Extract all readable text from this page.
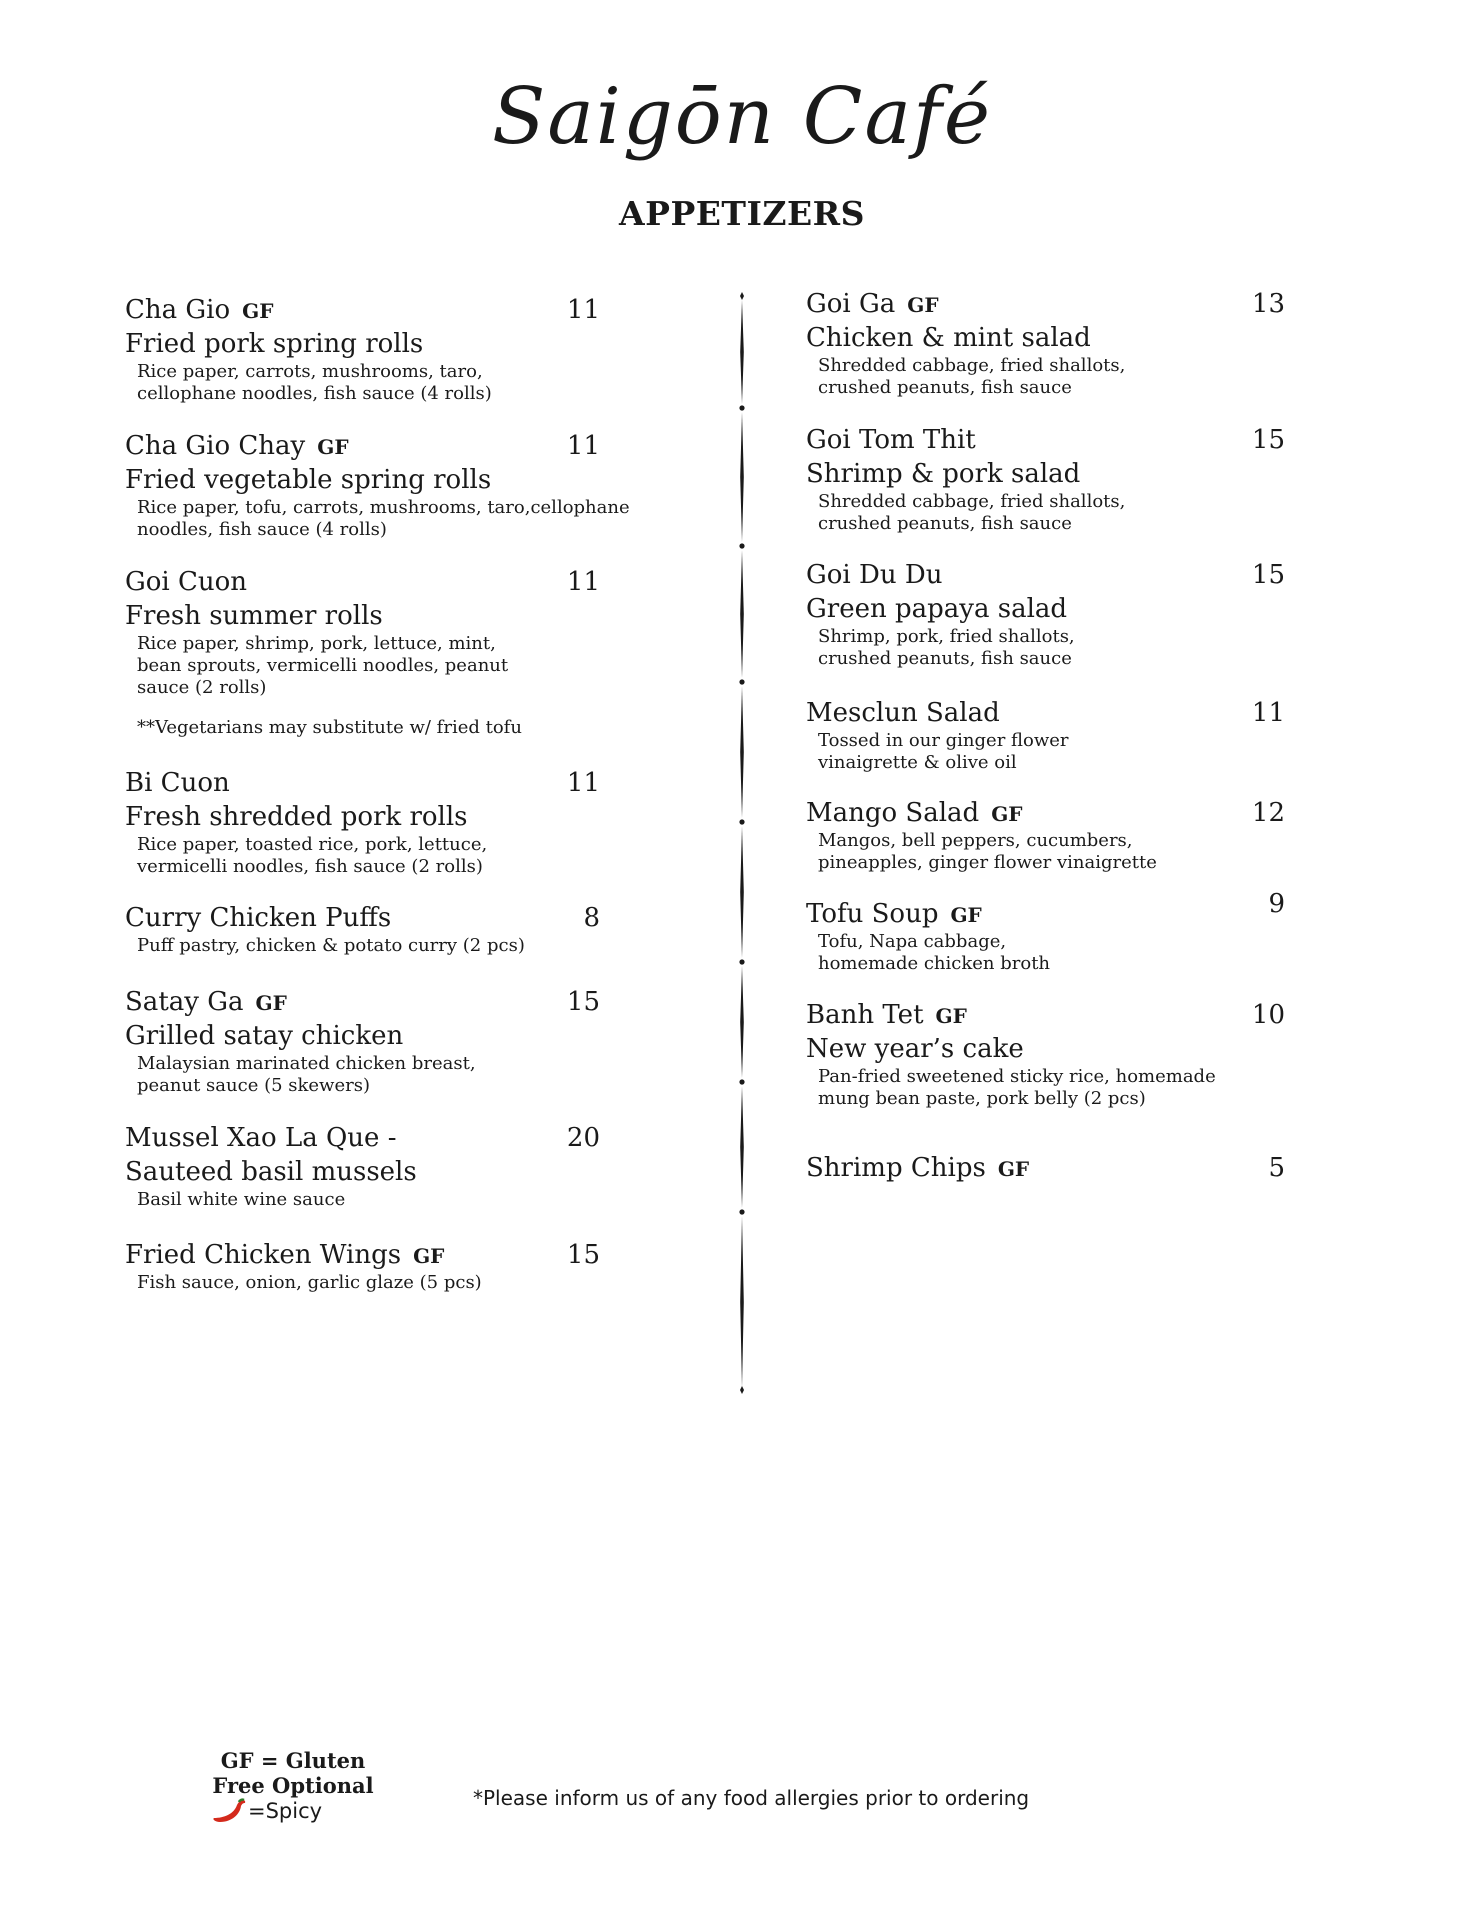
Saigōn Café
APPETIZERS
Cha Gio GF
Fried pork spring rolls
Rice paper, carrots, mushrooms, taro,
cellophane noodles, fish sauce (4 rolls)
11
Cha Gio Chay GF
Fried vegetable spring rolls
Rice paper, tofu, carrots, mushrooms, taro,cellophane
noodles, fish sauce (4 rolls)
11
Goi Cuon
Fresh summer rolls
Rice paper, shrimp, pork, lettuce, mint,
bean sprouts, vermicelli noodles, peanut
sauce (2 rolls)
**Vegetarians may substitute w/ fried tofu
11
Bi Cuon
Fresh shredded pork rolls
Rice paper, toasted rice, pork, lettuce,
vermicelli noodles, fish sauce (2 rolls)
11
Curry Chicken Puffs
Puff pastry, chicken & potato curry (2 pcs)
8
Satay Ga GF
Grilled satay chicken
Malaysian marinated chicken breast,
peanut sauce (5 skewers)
15
Mussel Xao La Que -
Sauteed basil mussels
Basil white wine sauce
20
Fried Chicken Wings GF
Fish sauce, onion, garlic glaze (5 pcs)
15
Goi Ga GF
Chicken & mint salad
Shredded cabbage, fried shallots,
crushed peanuts, fish sauce
13
Goi Tom Thit
Shrimp & pork salad
Shredded cabbage, fried shallots,
crushed peanuts, fish sauce
15
Goi Du Du
Green papaya salad
Shrimp, pork, fried shallots,
crushed peanuts, fish sauce
15
Mesclun Salad
Tossed in our ginger flower
vinaigrette & olive oil
11
Mango Salad GF
Mangos, bell peppers, cucumbers,
pineapples, ginger flower vinaigrette
12
Tofu Soup GF
Tofu, Napa cabbage,
homemade chicken broth
9
Banh Tet GF
New year’s cake
Pan-fried sweetened sticky rice, homemade
mung bean paste, pork belly (2 pcs)
10
Shrimp Chips GF	5
GF = Gluten Free Optional
=Spicy
*Please inform us of any food allergies prior to ordering
